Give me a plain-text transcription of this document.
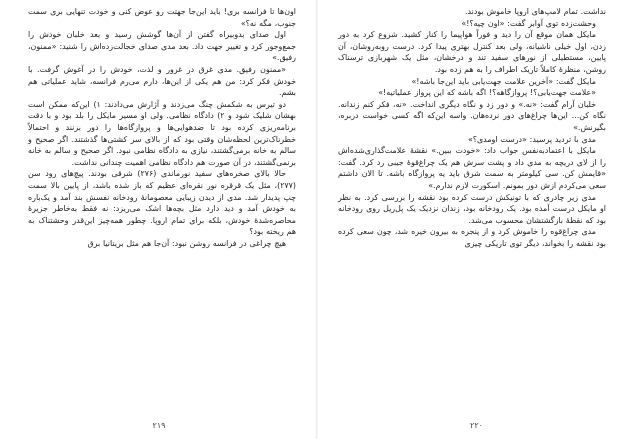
اون‌ها تا فرانسه بری! باید این‌جا جهتت رو عوض کنی و خودت تنهایی بری سمت جنوب، مگه نه؟»

اول صدای بدوبیراه گفتن از آن‌ها گوشش رسید و بعد خلبان خودش را جمع‌وجور کرد و تغییر جهت داد. بعد مدی صدای خجالت‌زده‌اش را شنید: «ممنون، رفیق.»

«ممنون رفیق. مدی غرق در غرور و لذت، خودش را در آغوش گرفت. با خودش فکر کرد: من هم یکی از این‌ها، دارم می‌رم فرانسه، شاید عملیاتی هم بشم.

دو تیرس به شکمش چنگ می‌زدند و آژارش می‌دادند: ۱) این‌که ممکن است بهشان شلیک شود و ۲) دادگاه نظامی. ولی او مسیر مایکل را بلد بود و با دقت برنامه‌ریزی کرده بود تا ضدهوایی‌ها و پروازگاه‌ها را دور بزنند و احتمالاً خطرناک‌ترین لحظه‌شان وقتی بود که از بالای سر کشتی‌ها گذشتند. اگر صحیح و سالم به خانه برمی‌گشتند، نیازی به دادگاه نظامی نبود. اگر صحیح و سالم به خانه برنمی‌گشتند، در آن صورت هم دادگاه نظامی اهمیت چندانی نداشت.

حالا بالای صخره‌های سفید نورماندی (۲۷۶) شرقی بودند. پیچ‌های رود سن (۲۷۷)، مثل یک قرقره نور نقره‌ای عظیم که باز شده باشد، از پایین بالا سمت چپ پدیدار شد. مدی از دیدن زیبایی معصومانهٔ رودخانه نفسش بند آمد و یک‌باره به خودش آمد و دید دارد مثل بچه‌ها اشک می‌ریزد: نه فقط به‌خاطر جزیرهٔ محاصره‌شدهٔ خودش، بلکه برای تمام اروپا. چطور همه‌چیز این‌قدر وحشتناک به هم ریخته بود؟

هیچ چراغی در فرانسه روشن نبود: آن‌جا هم مثل بریتانیا برق

۲۱۹

نداشت. تمام لامپ‌های اروپا خاموش بودند.

وحشت‌زده توی آوابر گفت: «اون چیه؟!»

مایکل همان موقع آن را دید و فوراً هواپیما را کنار کشید. شروع کرد به دور زدن، اول خیلی ناشیانه، ولی بعد کنترل بهتری پیدا کرد. درست روبه‌روشان، آن پایین، مستطیلی از نورهای سفید تند و درخشان، مثل یک شهربازی ترسناک روشن، منظرهٔ کاملاً تاریک اطراف را به هم زده بود.

مایکل گفت: «آخرین علامت جهت‌یابی باید این‌جا باشه!»

«علامت جهت‌یابی؟! پروازگاهه؟! اگه باشه که این پرواز عملیاتیه!»

خلبان آرام گفت: «نه.» و دور زد و نگاه دیگری انداخت. «نه، فکر کنم زندانه. نگاه کن... این‌ها چراغ‌های دور نرده‌هان. واسه این‌که اگه کسی خواست دربره، بگیرنش.»

مدی با تردید پرسید: «درست اومدی؟»

مایکل با اعتمادبه‌نفس جواب داد: «خودت ببین.» نقشهٔ علامت‌گذاری‌شده‌اش را از لای دریچه به مدی داد و پشت سرش هم یک چراغ‌قوهٔ جیبی رد کرد. گفت: «قایمش کن. سی کیلومتر به سمت شرق باید یه پروازگاه باشه. تا الان داشتم سعی می‌کردم ازش دور بمونم. اسکورت لازم ندارم.»

مدی زیر چادری که با تونیکش درست کرده بود نقشه را بررسی کرد. به نظر او مایکل درست آمده بود. یک رودخانه بود، زندان نزدیک یک پل‌ریل روی رودخانه بود که نقطهٔ بازگشتشان محسوب می‌شد.

مدی چراغ‌قوه را خاموش کرد و از پنجره به بیرون خیره شد، چون سعی کرده بود نقشه را بخواند، دیگر توی تاریکی چیزی

۲۲۰
